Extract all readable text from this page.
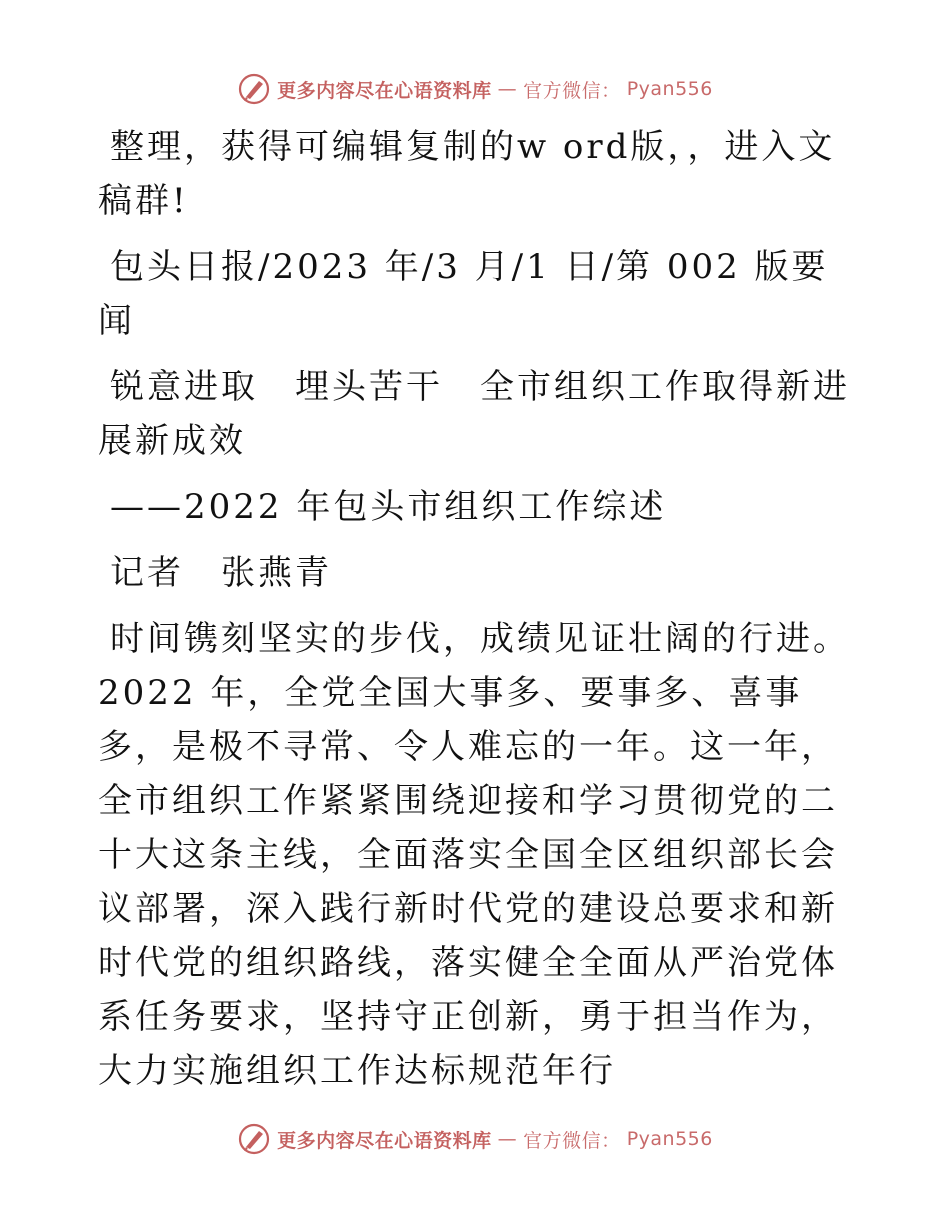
更多内容尽在心语资料库 — 官方微信： Pyan556

整理，获得可编辑复制的w ord版，，进入文稿群!

包头日报/2023 年/3 月/1 日/第 002 版要闻

锐意进取　埋头苦干　全市组织工作取得新进展新成效

——2022 年包头市组织工作综述

记者　张燕青

时间镌刻坚实的步伐，成绩见证壮阔的行进。2022 年，全党全国大事多、要事多、喜事多，是极不寻常、令人难忘的一年。这一年，全市组织工作紧紧围绕迎接和学习贯彻党的二十大这条主线，全面落实全国全区组织部长会议部署，深入践行新时代党的建设总要求和新时代党的组织路线，落实健全全面从严治党体系任务要求，坚持守正创新，勇于担当作为，大力实施组织工作达标规范年行

更多内容尽在心语资料库 — 官方微信： Pyan556
